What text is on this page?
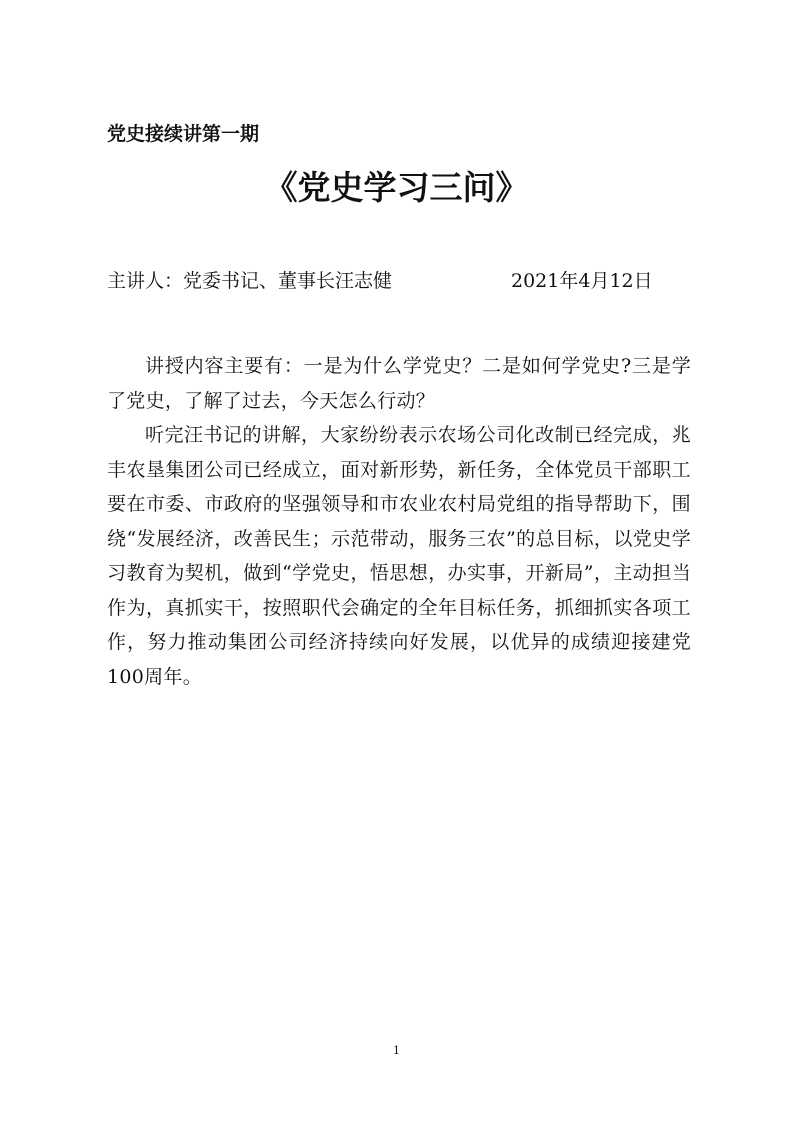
党史接续讲第一期
《党史学习三问》
主讲人：党委书记、董事长汪志健	2021年4月12日

讲授内容主要有：一是为什么学党史？二是如何学党史?三是学了党史，了解了过去，今天怎么行动？

听完汪书记的讲解，大家纷纷表示农场公司化改制已经完成，兆丰农垦集团公司已经成立，面对新形势，新任务，全体党员干部职工要在市委、市政府的坚强领导和市农业农村局党组的指导帮助下，围绕“发展经济，改善民生；示范带动，服务三农”的总目标，以党史学习教育为契机，做到“学党史，悟思想，办实事，开新局”，主动担当作为，真抓实干，按照职代会确定的全年目标任务，抓细抓实各项工作，努力推动集团公司经济持续向好发展，以优异的成绩迎接建党100周年。

1
